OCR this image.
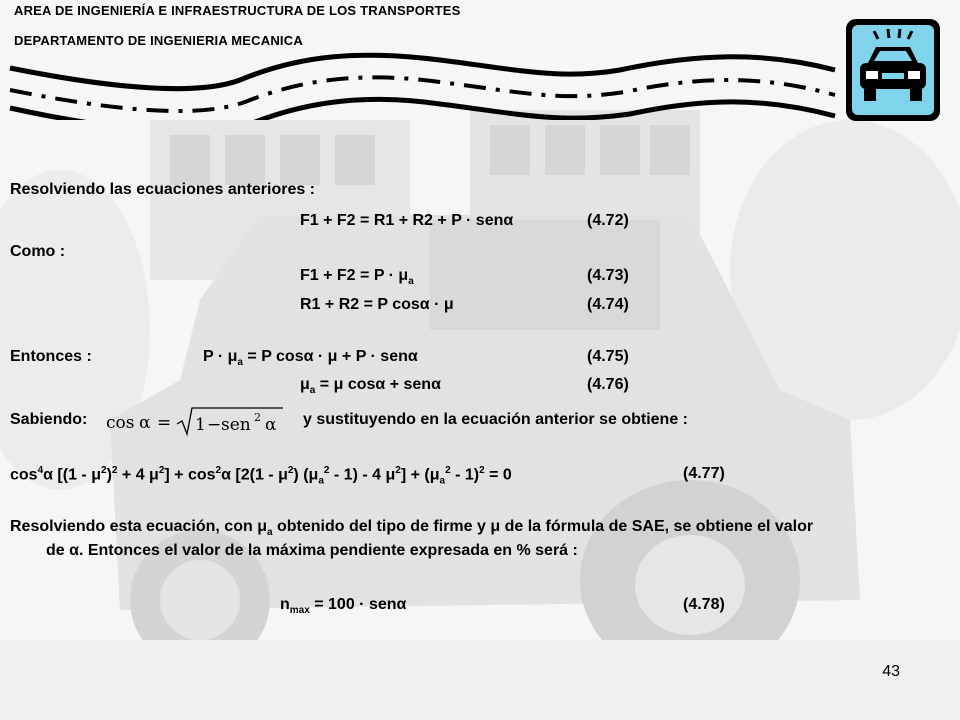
AREA DE INGENIERÍA E INFRAESTRUCTURA DE LOS TRANSPORTES
DEPARTAMENTO DE INGENIERIA MECANICA
Resolviendo las ecuaciones anteriores :
F1 + F2 = R1 + R2 + P · senα	(4.72)
Como :
$F1 + F2 = P \cdot \mu_a$	(4.73)
R1 + R2 = P cosα · μ	(4.74)
Entonces :	$P \cdot \mu_a = P$ cosα · μ + P · senα	(4.75)
$\mu_a = \mu$ cosα + senα	(4.76)
Sabiendo: cos α = 1 − sen 2 α y sustituyendo en la ecuación anterior se obtiene :
$\cos^4\alpha$ [$(1 - \mu^2)^2 + 4$ $\mu^2] + \cos^2\alpha$ [$2(1 - \mu^2)$ $(\mu_a^2 - 1) - 4$ $\mu^2] + (\mu_a^2 - 1)^2 = 0$	(4.77)
Resolviendo esta ecuación, con $\mu_a$ obtenido del tipo de firme y μ de la fórmula de SAE, se obtiene el valor
de α. Entonces el valor de la máxima pendiente expresada en % será :
$n_{max} = 100 \cdot sen\alpha$	(4.78)
43
